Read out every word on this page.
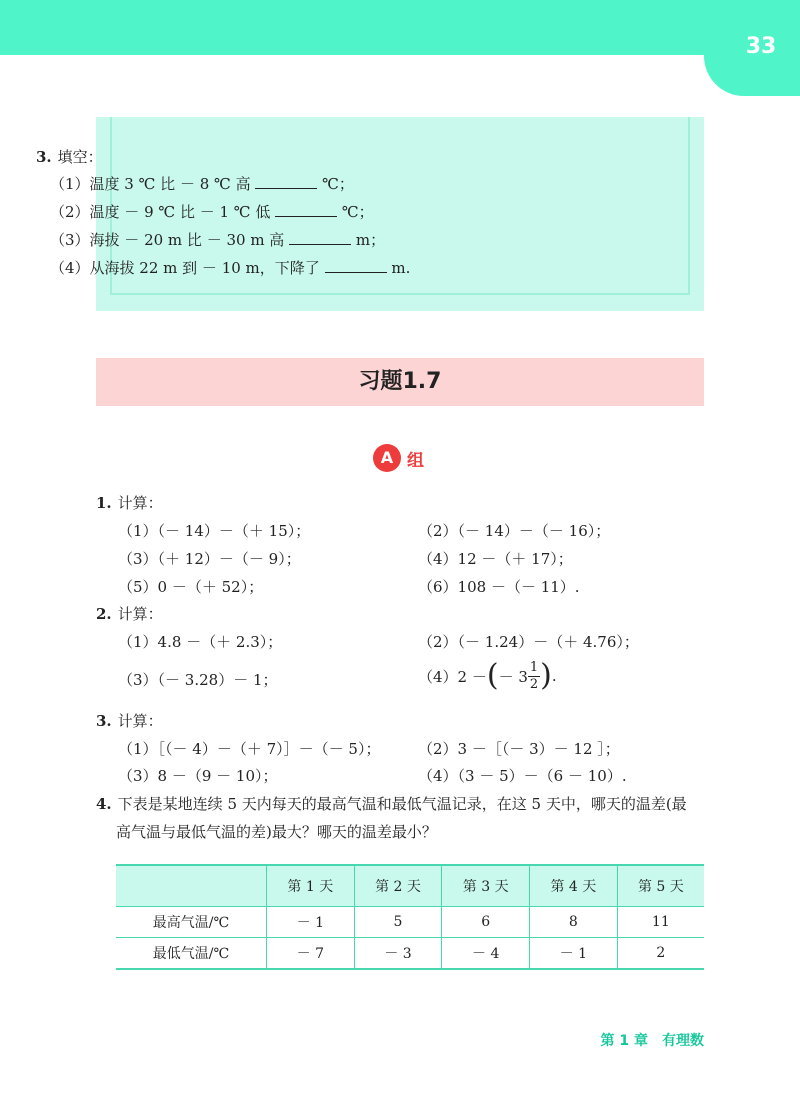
33
3. 填空：
（1）温度 3 ℃ 比 － 8 ℃ 高	℃；
（2）温度 － 9 ℃ 比 － 1 ℃ 低	℃；
（3）海拔 － 20 m 比 － 30 m 高	m；
（4）从海拔 22 m 到 － 10 m，下降了	m.
习题1.7
A 组
1. 计算：
（1）（－ 14）－（＋ 15）；	（2）（－ 14）－（－ 16）；
（3）（＋ 12）－（－ 9）；	（4）12 －（＋ 17）；
（5）0 －（＋ 52）；	（6）108 －（－ 11）.
2. 计算：
（1）4.8 －（＋ 2.3）；	（2）（－ 1.24）－（＋ 4.76）；
（3）（－ 3.28）－ 1；	（4）2 － ( － $3 \frac{1}{2}$ ) .
3. 计算：
（1）［（－ 4）－（＋ 7）］－（－ 5）；	（2）3 －［（－ 3）－ 12 ］；
（3）8 －（9 － 10）；	（4）（3 － 5）－（6 － 10）.
4. 下表是某地连续 5 天内每天的最高气温和最低气温记录，在这 5 天中，哪天的温差(最
高气温与最低气温的差)最大？哪天的温差最小？
	第 1 天	第 2 天	第 3 天	第 4 天	第 5 天
最高气温/℃	－ 1	5	6	8	11
最低气温/℃	－ 7	－ 3	－ 4	－ 1	2
第 1 章　有理数
